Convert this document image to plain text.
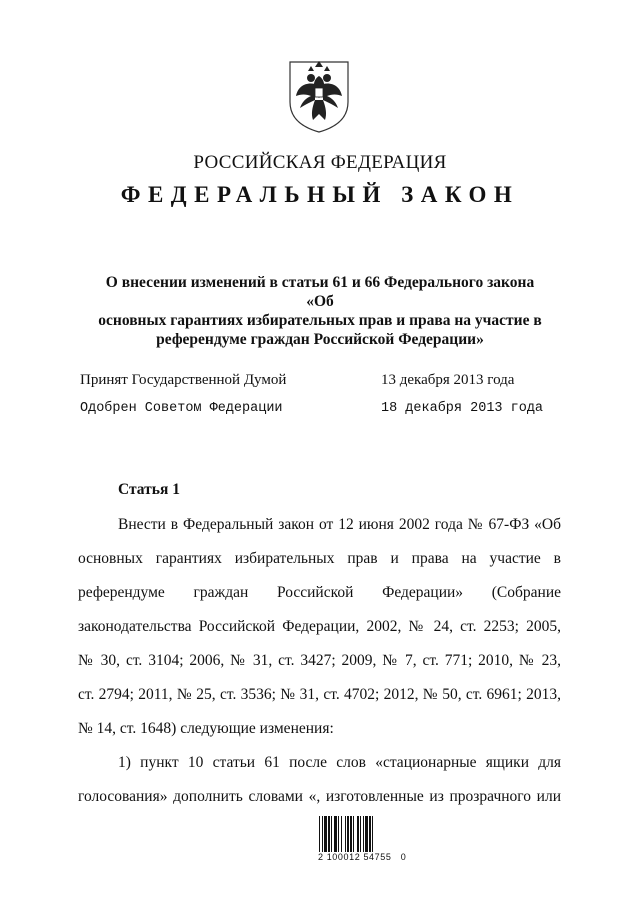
РОССИЙСКАЯ ФЕДЕРАЦИЯ
ФЕДЕРАЛЬНЫЙ ЗАКОН
О внесении изменений в статьи 61 и 66 Федерального закона «Об
основных гарантиях избирательных прав и права на участие в
референдуме граждан Российской Федерации»
Принят Государственной Думой	13 декабря 2013 года
Одобрен Советом Федерации	18 декабря 2013 года
Статья 1
Внести в Федеральный закон от 12 июня 2002 года № 67-ФЗ «Об
основных гарантиях избирательных прав и права на участие в
референдуме граждан Российской Федерации» (Собрание
законодательства Российской Федерации, 2002, № 24, ст. 2253; 2005,
№ 30, ст. 3104; 2006, № 31, ст. 3427; 2009, № 7, ст. 771; 2010, № 23,
ст. 2794; 2011, № 25, ст. 3536; № 31, ст. 4702; 2012, № 50, ст. 6961; 2013,
№ 14, ст. 1648) следующие изменения:
1) пункт 10 статьи 61 после слов «стационарные ящики для
голосования» дополнить словами «, изготовленные из прозрачного или
2 100012 54755   0
